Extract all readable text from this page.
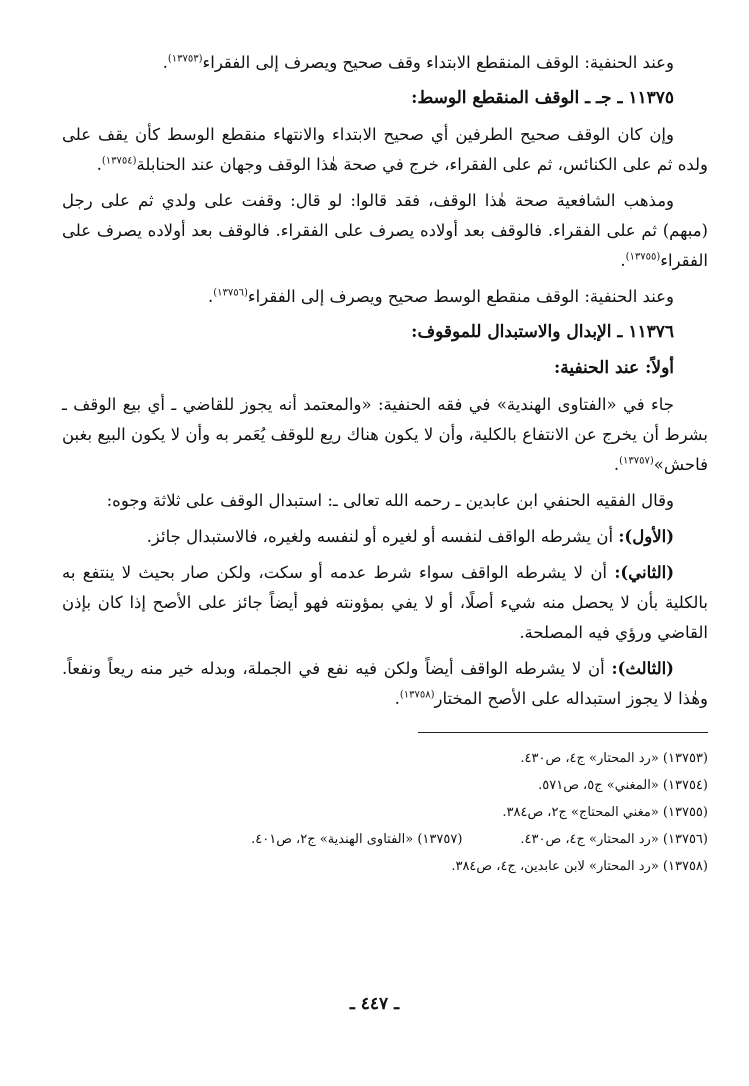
وعند الحنفية: الوقف المنقطع الابتداء وقف صحيح ويصرف إلى الفقراء$^{(١٣٧٥٣)}$.

١١٣٧٥ ـ جـ ـ الوقف المنقطع الوسط:

وإن كان الوقف صحيح الطرفين أي صحيح الابتداء والانتهاء منقطع الوسط كأن يقف على ولده ثم على الكنائس، ثم على الفقراء، خرج في صحة هٰذا الوقف وجهان عند الحنابلة$^{(١٣٧٥٤)}$.

ومذهب الشافعية صحة هٰذا الوقف، فقد قالوا: لو قال: وقفت على ولدي ثم على رجل (مبهم) ثم على الفقراء. فالوقف بعد أولاده يصرف على الفقراء. فالوقف بعد أولاده يصرف على الفقراء$^{(١٣٧٥٥)}$.

وعند الحنفية: الوقف منقطع الوسط صحيح ويصرف إلى الفقراء$^{(١٣٧٥٦)}$.

١١٣٧٦ ـ الإبدال والاستبدال للموقوف:

أولاً: عند الحنفية:

جاء في «الفتاوى الهندية» في فقه الحنفية: «والمعتمد أنه يجوز للقاضي ـ أي بيع الوقف ـ بشرط أن يخرج عن الانتفاع بالكلية، وأن لا يكون هناك ريع للوقف يُعَمر به وأن لا يكون البيع بغبن فاحش»$^{(١٣٧٥٧)}$.

وقال الفقيه الحنفي ابن عابدين ـ رحمه الله تعالى ـ: استبدال الوقف على ثلاثة وجوه:

(الأول): أن يشرطه الواقف لنفسه أو لغيره أو لنفسه ولغيره، فالاستبدال جائز.

(الثاني): أن لا يشرطه الواقف سواء شرط عدمه أو سكت، ولكن صار بحيث لا ينتفع به بالكلية بأن لا يحصل منه شيء أصلًا، أو لا يفي بمؤونته فهو أيضاً جائز على الأصح إذا كان بإذن القاضي ورؤي فيه المصلحة.

(الثالث): أن لا يشرطه الواقف أيضاً ولكن فيه نفع في الجملة، وبدله خير منه ريعاً ونفعاً. وهٰذا لا يجوز استبداله على الأصح المختار$^{(١٣٧٥٨)}$.

(١٣٧٥٣) «رد المحتار» ج٤، ص٤٣٠.

(١٣٧٥٤) «المغني» ج٥، ص٥٧١.

(١٣٧٥٥) «مغني المحتاج» ج٢، ص٣٨٤.

(١٣٧٥٦) «رد المحتار» ج٤، ص٤٣٠.
(١٣٧٥٧) «الفتاوى الهندية» ج٢، ص٤٠١.

(١٣٧٥٨) «رد المحتار» لابن عابدين، ج٤، ص٣٨٤.

ـ ٤٤٧ ـ
